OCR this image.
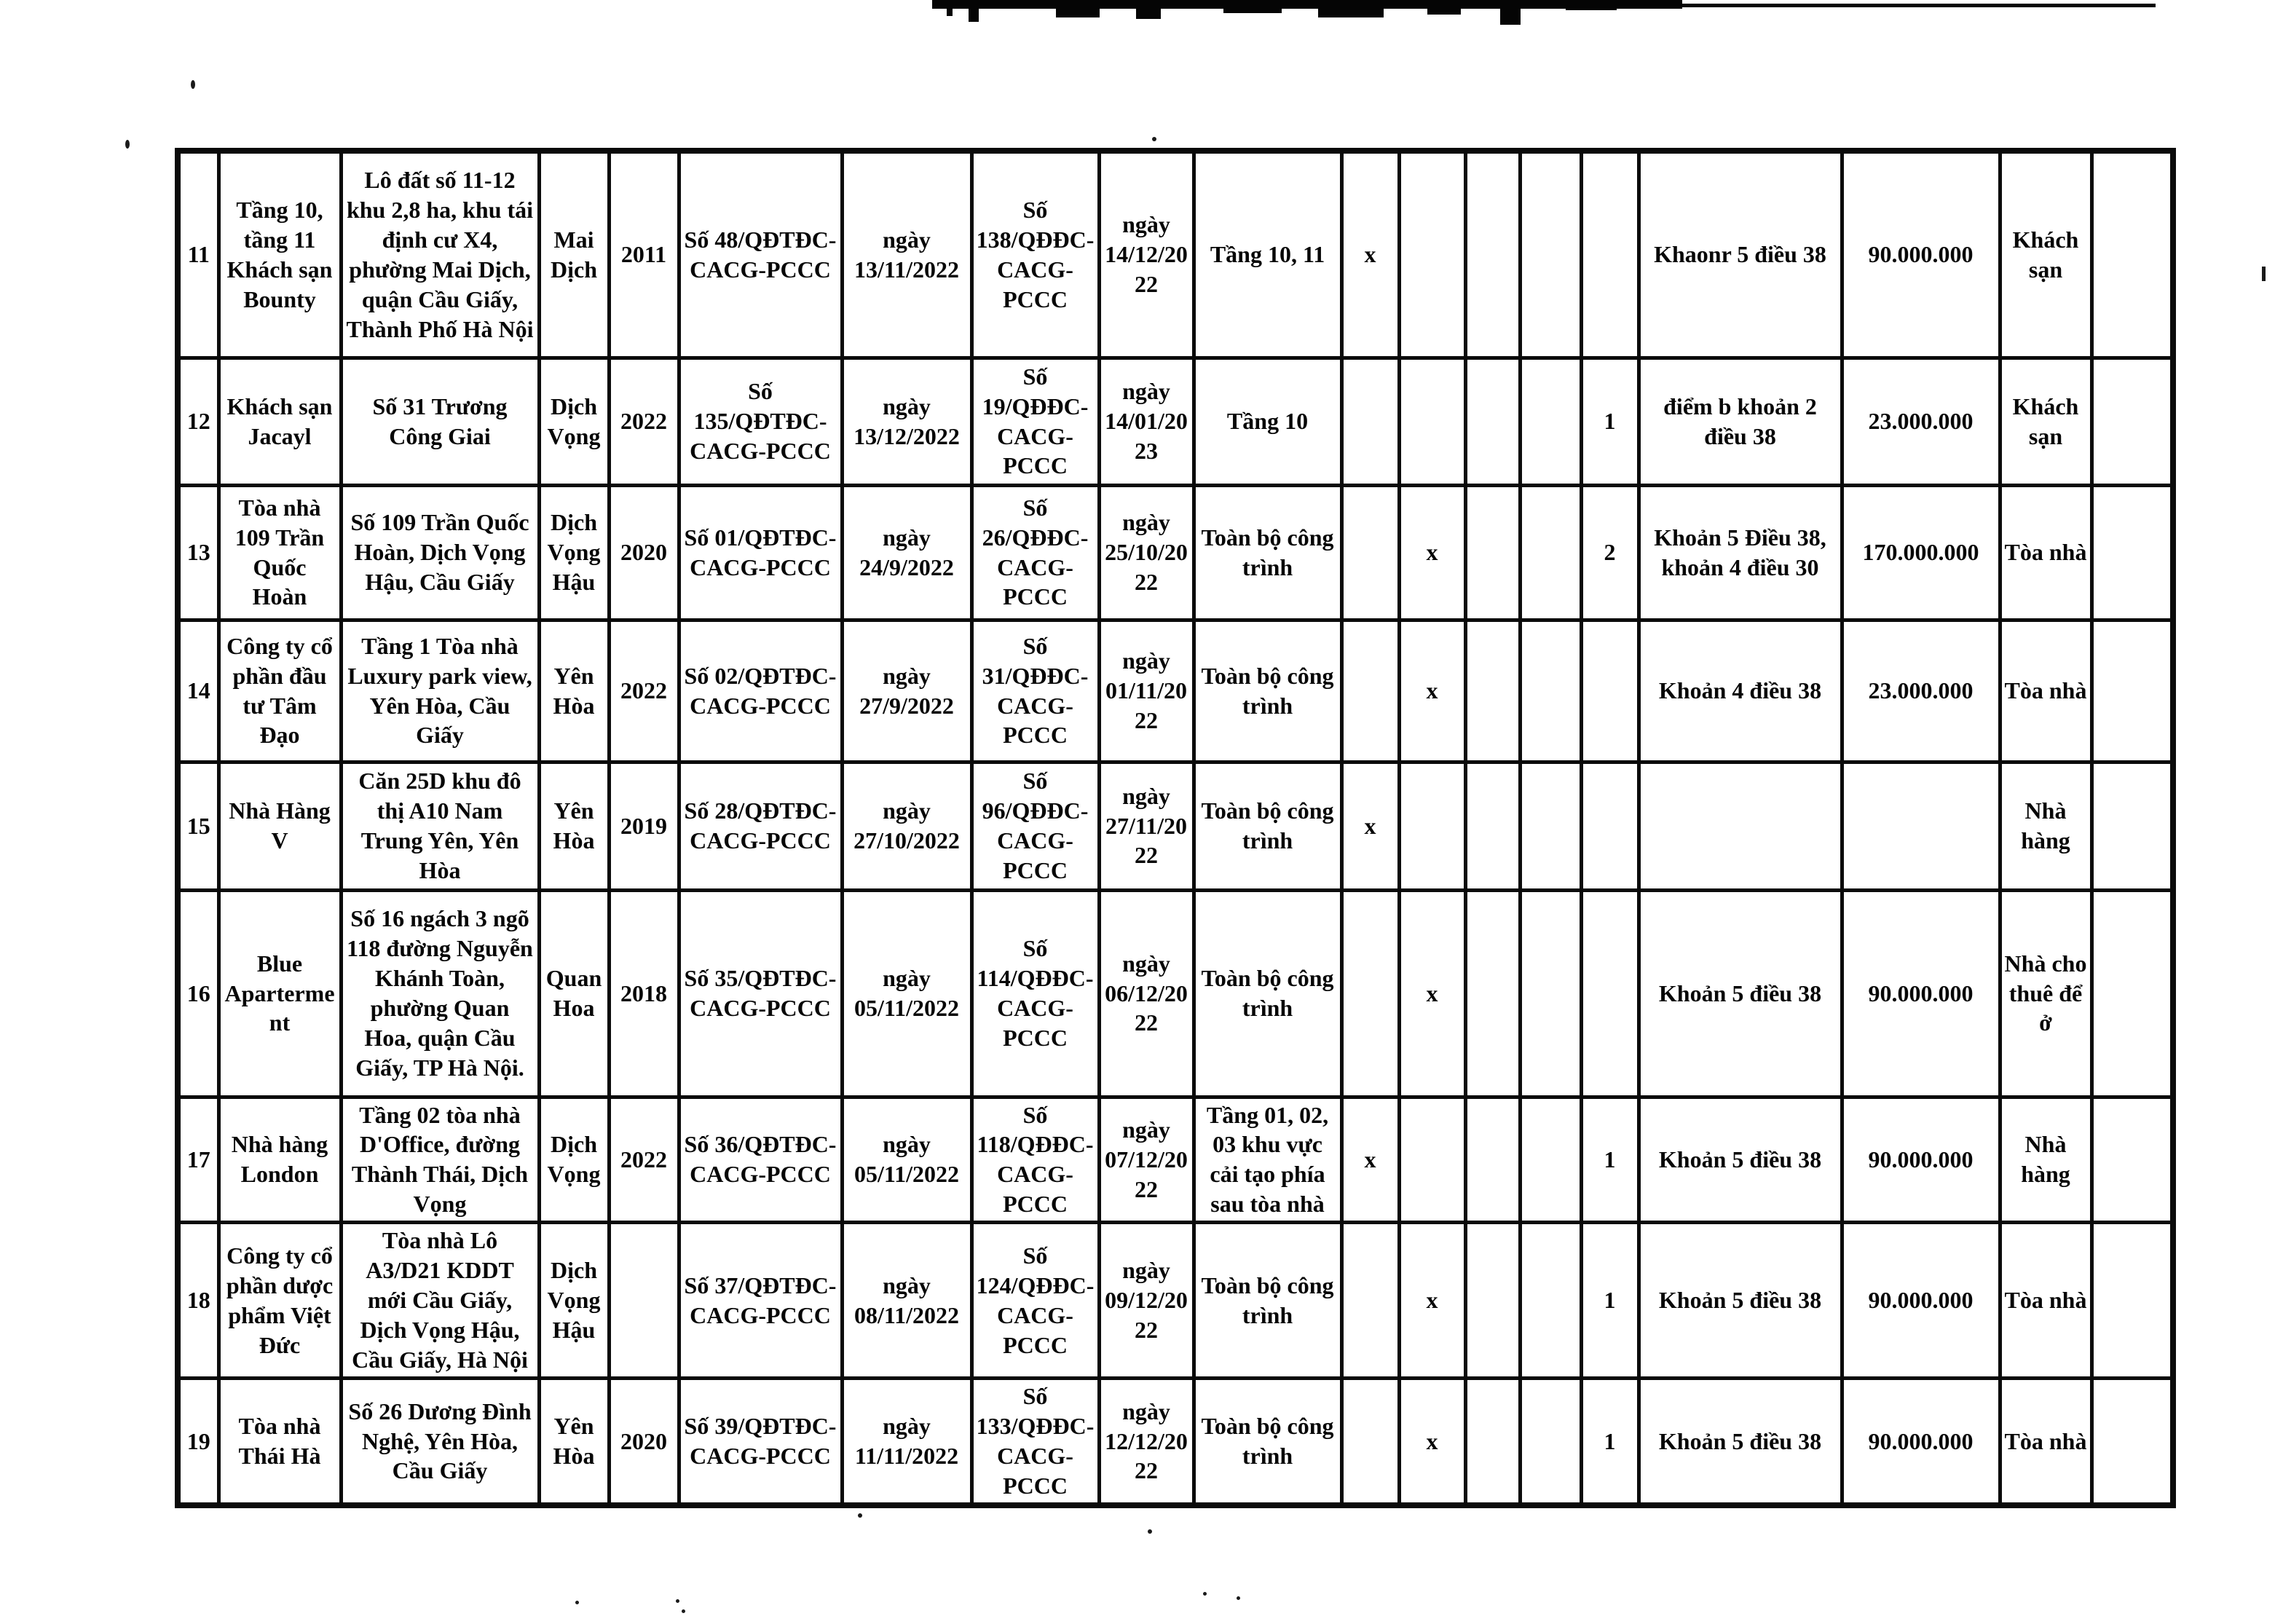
11	Tầng 10, tầng 11 Khách sạn Bounty	Lô đất số 11-12 khu 2,8 ha, khu tái định cư X4, phường Mai Dịch, quận Cầu Giấy, Thành Phố Hà Nội	Mai Dịch	2011	Số 48/QĐTĐC-CACG-PCCC	ngày 13/11/2022	Số 138/QĐĐC-CACG-PCCC	ngày 14/12/2022	Tầng 10, 11	x					Khaonr 5 điều 38	90.000.000	Khách sạn	
12	Khách sạn Jacayl	Số 31 Trương Công Giai	Dịch Vọng	2022	Số 135/QĐTĐC-CACG-PCCC	ngày 13/12/2022	Số 19/QĐĐC-CACG-PCCC	ngày 14/01/2023	Tầng 10					1	điểm b khoản 2 điều 38	23.000.000	Khách sạn	
13	Tòa nhà 109 Trần Quốc Hoàn	Số 109 Trần Quốc Hoàn, Dịch Vọng Hậu, Cầu Giấy	Dịch Vọng Hậu	2020	Số 01/QĐTĐC-CACG-PCCC	ngày 24/9/2022	Số 26/QĐĐC-CACG-PCCC	ngày 25/10/2022	Toàn bộ công trình		x			2	Khoản 5 Điều 38, khoản 4 điều 30	170.000.000	Tòa nhà	
14	Công ty cổ phần đầu tư Tâm Đạo	Tầng 1 Tòa nhà Luxury park view, Yên Hòa, Cầu Giấy	Yên Hòa	2022	Số 02/QĐTĐC-CACG-PCCC	ngày 27/9/2022	Số 31/QĐĐC-CACG-PCCC	ngày 01/11/2022	Toàn bộ công trình		x				Khoản 4 điều 38	23.000.000	Tòa nhà	
15	Nhà Hàng V	Căn 25D khu đô thị A10 Nam Trung Yên, Yên Hòa	Yên Hòa	2019	Số 28/QĐTĐC-CACG-PCCC	ngày 27/10/2022	Số 96/QĐĐC-CACG-PCCC	ngày 27/11/2022	Toàn bộ công trình	x							Nhà hàng	
16	Blue Aparterment	Số 16 ngách 3 ngõ 118 đường Nguyễn Khánh Toàn, phường Quan Hoa, quận Cầu Giấy, TP Hà Nội.	Quan Hoa	2018	Số 35/QĐTĐC-CACG-PCCC	ngày 05/11/2022	Số 114/QĐĐC-CACG-PCCC	ngày 06/12/2022	Toàn bộ công trình		x				Khoản 5 điều 38	90.000.000	Nhà cho thuê để ở	
17	Nhà hàng London	Tầng 02 tòa nhà D'Office, đường Thành Thái, Dịch Vọng	Dịch Vọng	2022	Số 36/QĐTĐC-CACG-PCCC	ngày 05/11/2022	Số 118/QĐĐC-CACG-PCCC	ngày 07/12/2022	Tầng 01, 02, 03 khu vực cải tạo phía sau tòa nhà	x				1	Khoản 5 điều 38	90.000.000	Nhà hàng	
18	Công ty cổ phần dược phẩm Việt Đức	Tòa nhà Lô A3/D21 KDDT mới Cầu Giấy, Dịch Vọng Hậu, Cầu Giấy, Hà Nội	Dịch Vọng Hậu		Số 37/QĐTĐC-CACG-PCCC	ngày 08/11/2022	Số 124/QĐĐC-CACG-PCCC	ngày 09/12/2022	Toàn bộ công trình		x			1	Khoản 5 điều 38	90.000.000	Tòa nhà	
19	Tòa nhà Thái Hà	Số 26 Dương Đình Nghệ, Yên Hòa, Cầu Giấy	Yên Hòa	2020	Số 39/QĐTĐC-CACG-PCCC	ngày 11/11/2022	Số 133/QĐĐC-CACG-PCCC	ngày 12/12/2022	Toàn bộ công trình		x			1	Khoản 5 điều 38	90.000.000	Tòa nhà	
